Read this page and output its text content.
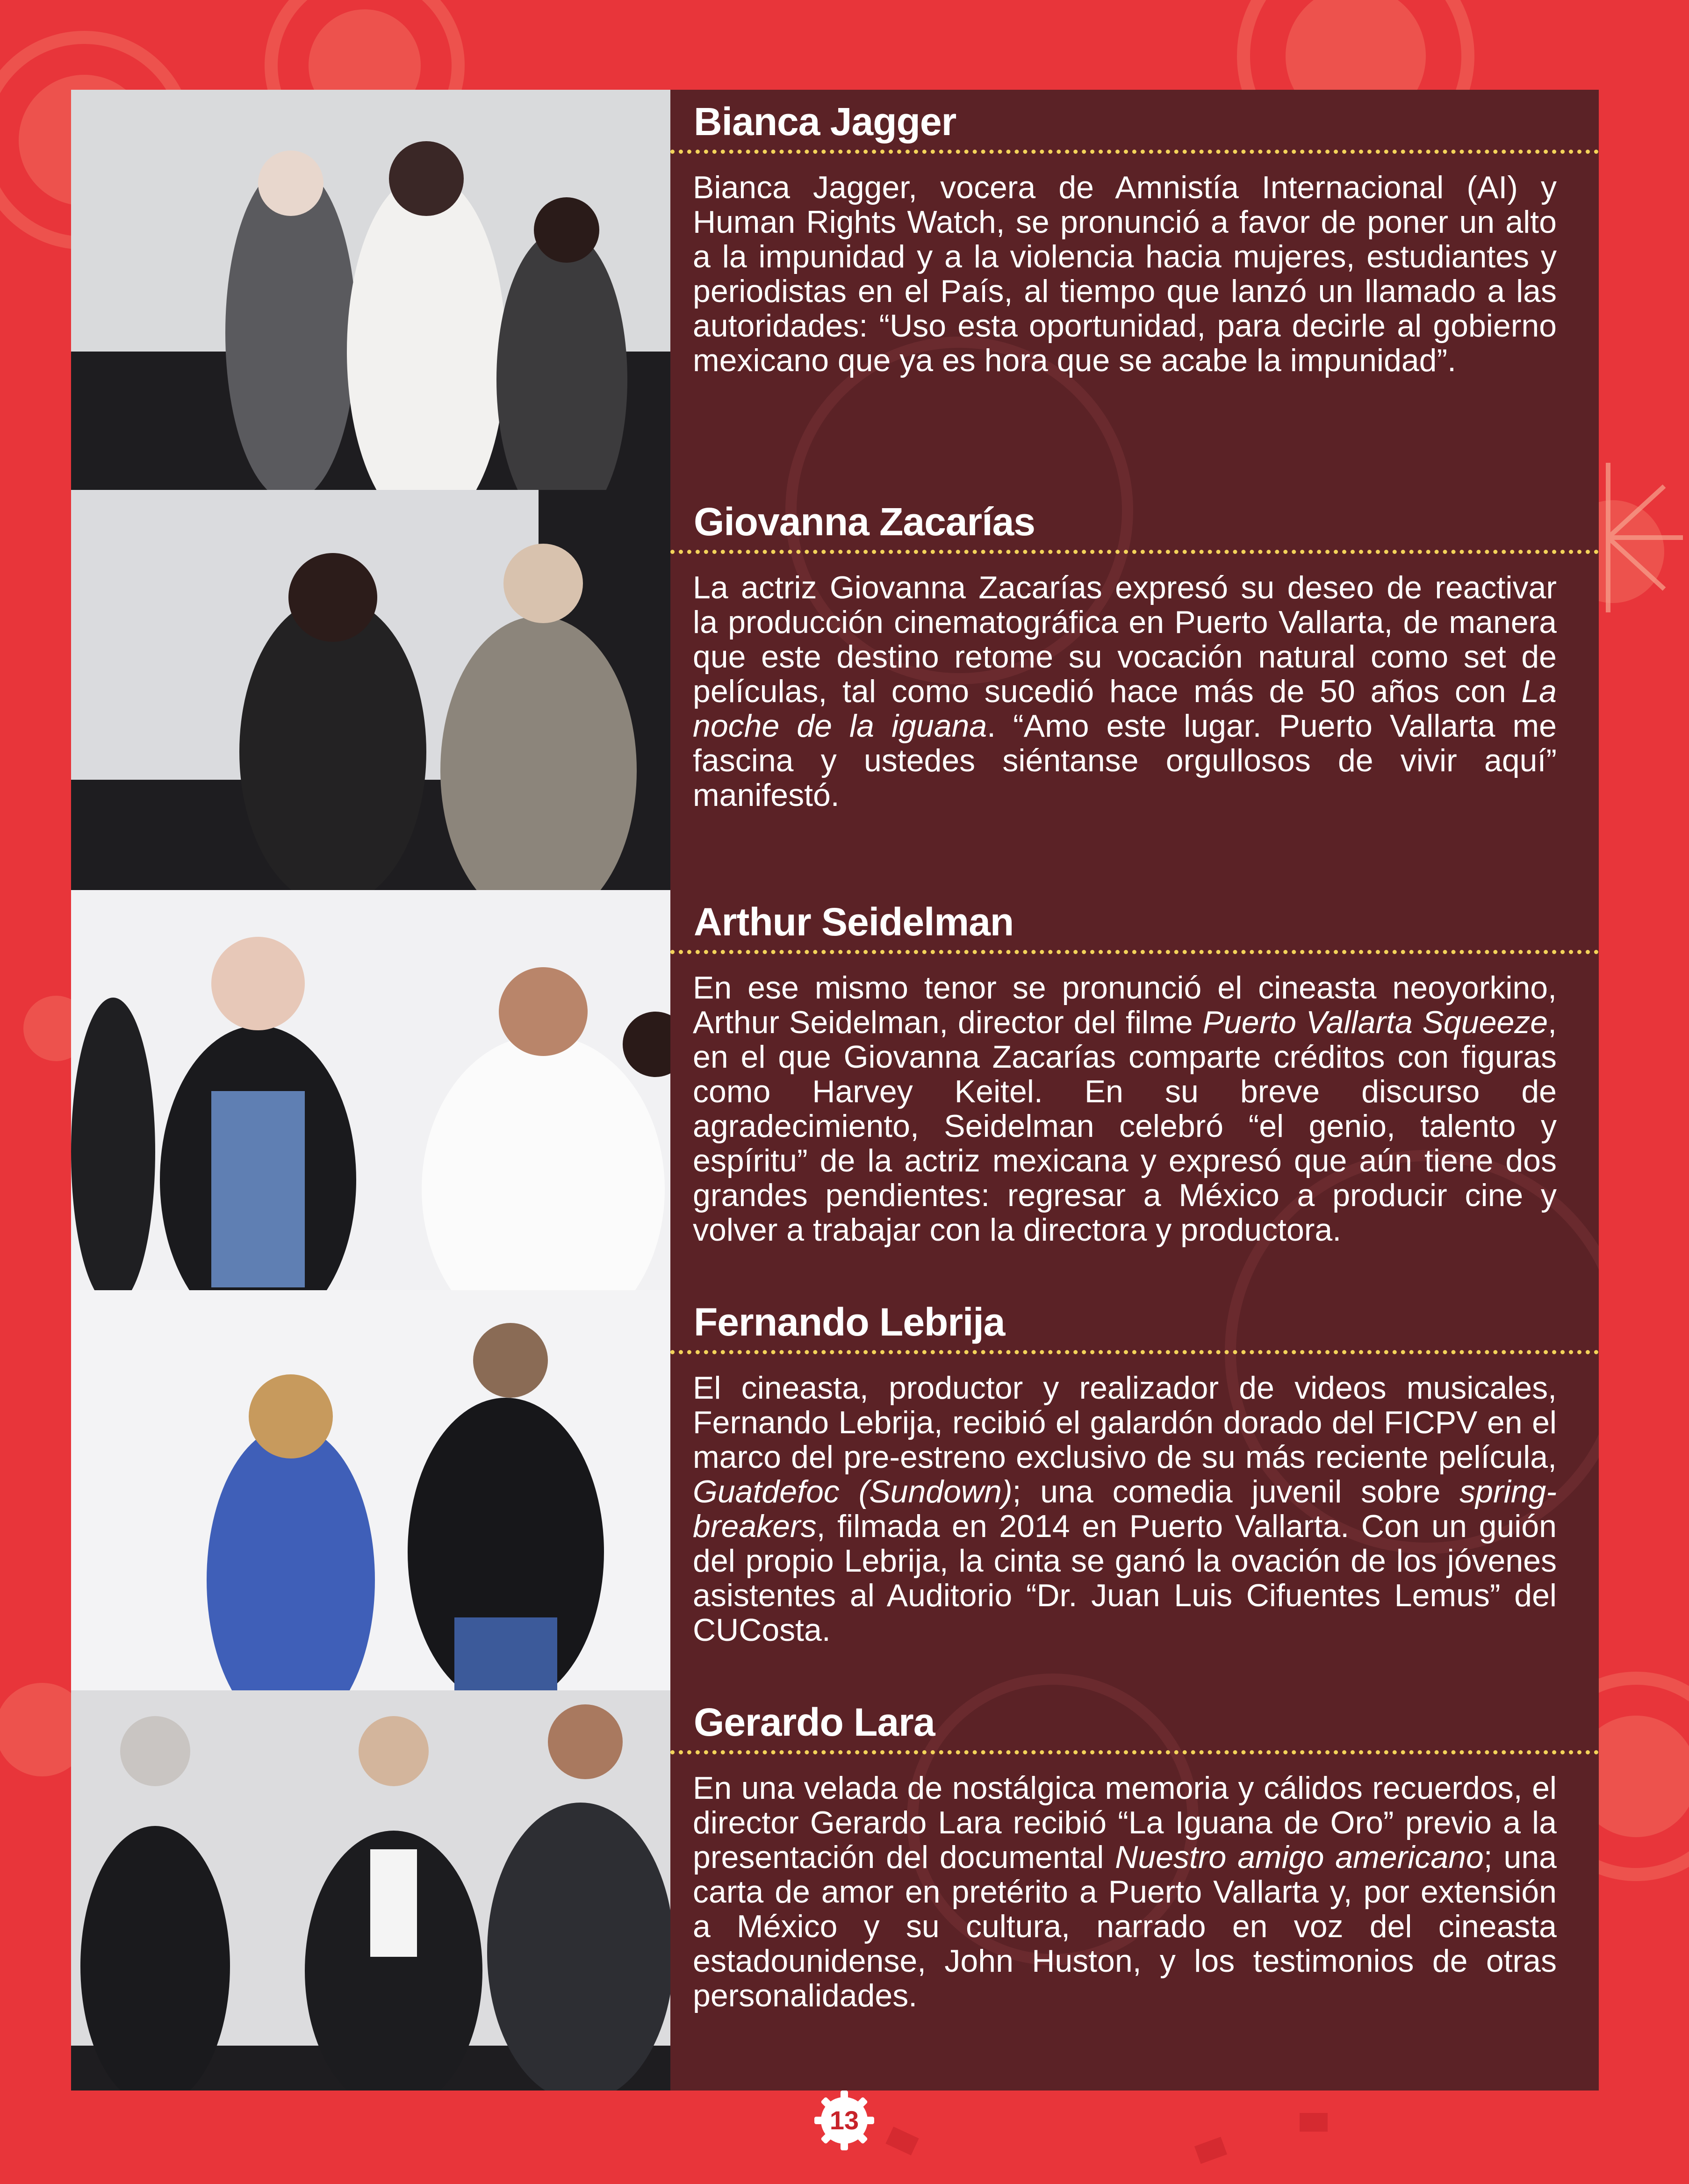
Bianca Jagger

Bianca Jagger, vocera de Amnistía Internacional (AI) y Human Rights Watch, se pronunció a favor de poner un alto a la impunidad y a la violencia hacia mujeres, estudiantes y periodistas en el País, al tiempo que lanzó un llamado a las autoridades: “Uso esta oportunidad, para decirle al gobierno mexicano que ya es hora que se acabe la impunidad”.

Giovanna Zacarías

La actriz Giovanna Zacarías expresó su deseo de reactivar la producción cinematográfica en Puerto Vallarta, de manera que este destino retome su vocación natural como set de películas, tal como sucedió hace más de 50 años con La noche de la iguana. “Amo este lugar. Puerto Vallarta me fascina y ustedes siéntanse orgullosos de vivir aquí” manifestó.

Arthur Seidelman

En ese mismo tenor se pronunció el cineasta neoyorkino, Arthur Seidelman, director del filme Puerto Vallarta Squeeze, en el que Giovanna Zacarías comparte créditos con figuras como Harvey Keitel. En su breve discurso de agradecimiento, Seidelman celebró “el genio, talento y espíritu” de la actriz mexicana y expresó que aún tiene dos grandes pendientes: regresar a México a producir cine y volver a trabajar con la directora y productora.

Fernando Lebrija

El cineasta, productor y realizador de videos musicales, Fernando Lebrija, recibió el galardón dorado del FICPV en el marco del pre-estreno exclusivo de su más reciente película, Guatdefoc (Sundown); una comedia juvenil sobre spring-breakers, filmada en 2014 en Puerto Vallarta. Con un guión del propio Lebrija, la cinta se ganó la ovación de los jóvenes asistentes al Auditorio “Dr. Juan Luis Cifuentes Lemus” del CUCosta.

Gerardo Lara

En una velada de nostálgica memoria y cálidos recuerdos, el director Gerardo Lara recibió “La Iguana de Oro” previo a la presentación del documental Nuestro amigo americano; una carta de amor en pretérito a Puerto Vallarta y, por extensión a México y su cultura, narrado en voz del cineasta estadounidense, John Huston, y los testimonios de otras personalidades.

13
